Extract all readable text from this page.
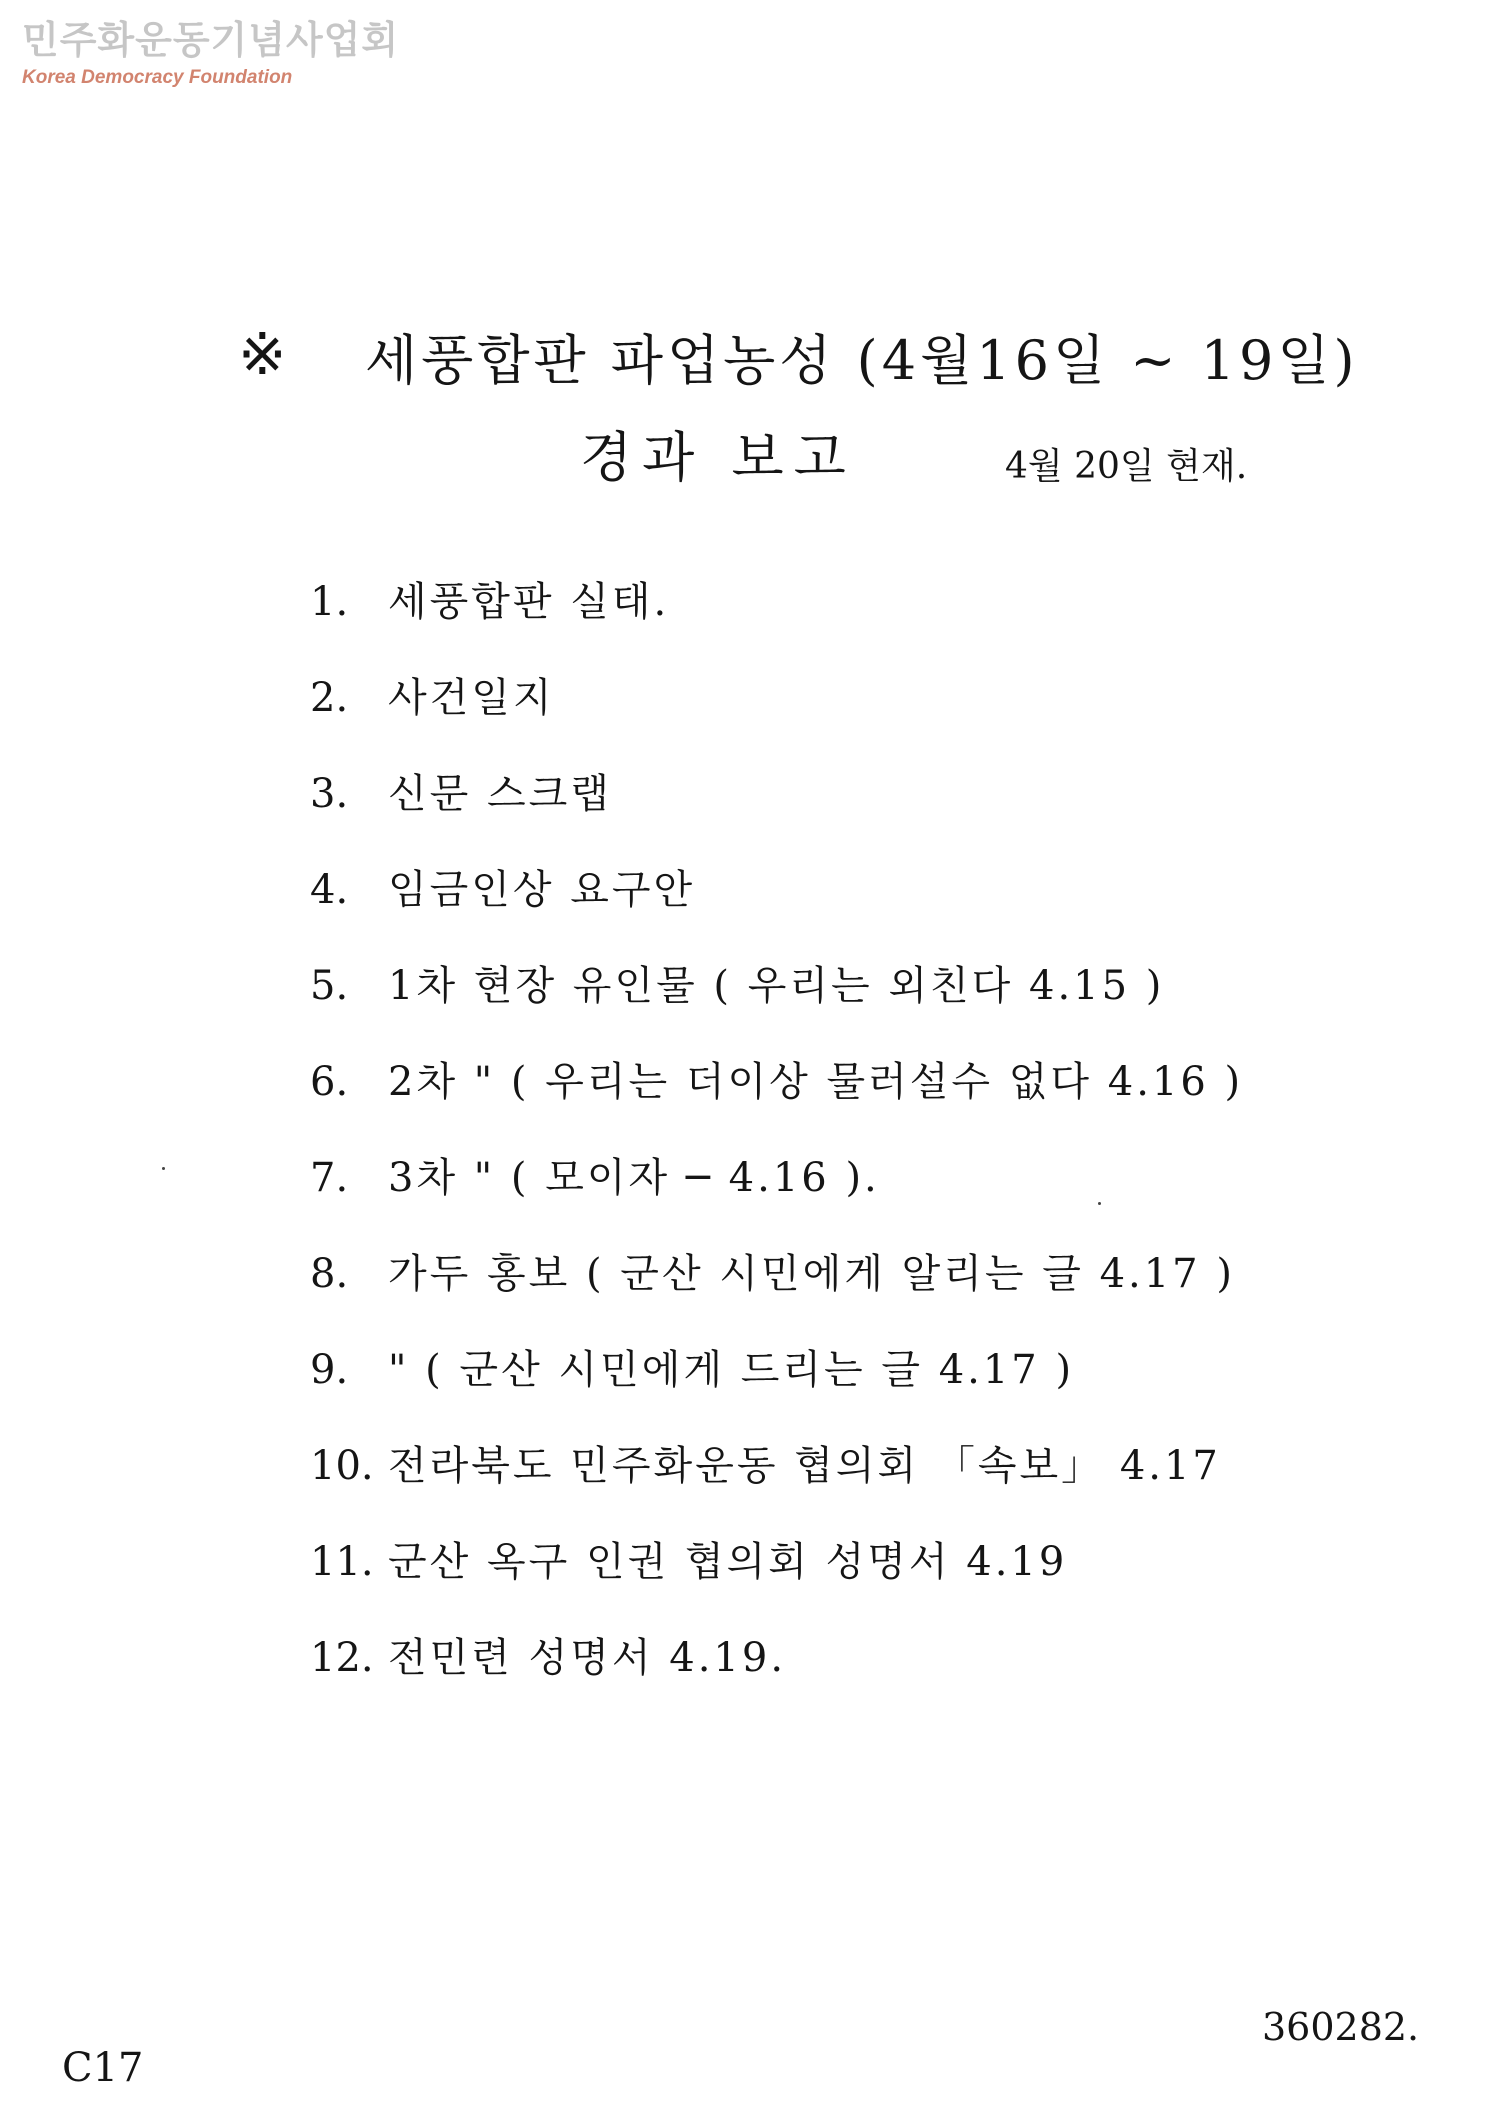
민주화운동기념사업회
Korea Democracy Foundation
※ 세풍합판 파업농성 (4월16일 ~ 19일)
경과 보고	4월 20일 현재.
1. 세풍합판 실태.
2. 사건일지
3. 신문 스크랩
4. 임금인상 요구안
5. 1차 현장 유인물 ( 우리는 외친다 4.15 )
6. 2차 " ( 우리는 더이상 물러설수 없다 4.16 )
7. 3차 " ( 모이자 ─ 4.16 ).
8. 가두 홍보 ( 군산 시민에게 알리는 글 4.17 )
9. " ( 군산 시민에게 드리는 글 4.17 )
10. 전라북도 민주화운동 협의회 「속보」 4.17
11. 군산 옥구 인권 협의회 성명서 4.19
12. 전민련 성명서 4.19.
C17
360282.
